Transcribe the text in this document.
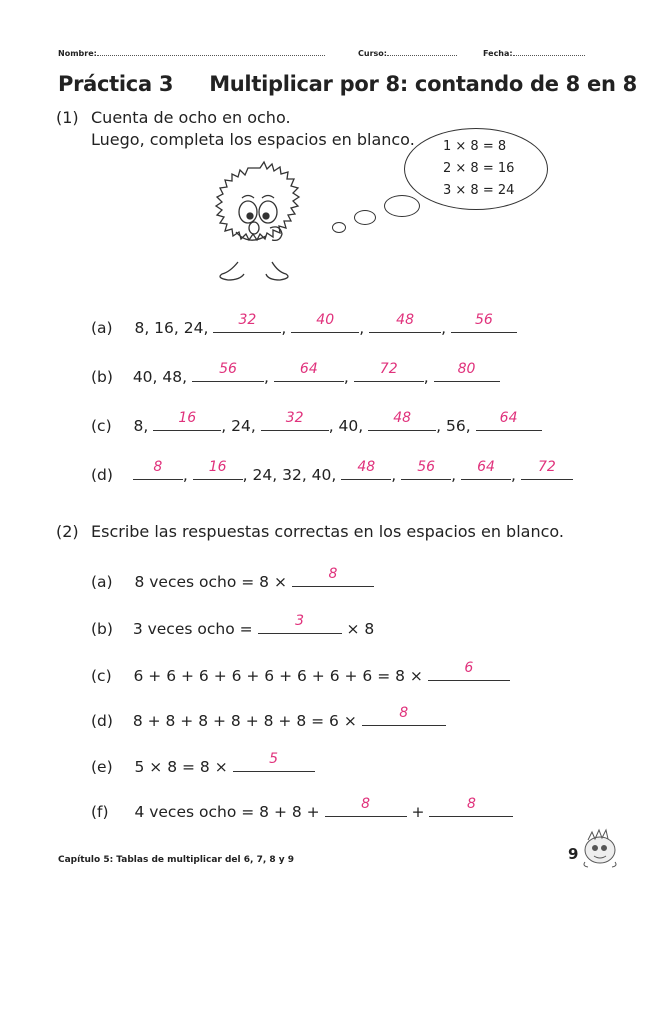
Nombre:	Curso:	Fecha:
Práctica 3 Multiplicar por 8: contando de 8 en 8
(1) Cuenta de ocho en ocho.
Luego, completa los espacios en blanco. 1 × 8 = 8
2 × 8 = 16
3 × 8 = 24
(a) 8, 16, 24,	32	,	40	,	48	,	56
(b) 40, 48,	56	,	64	,	72	,	80
(c) 8,	16	, 24,	32	, 40,	48	, 56,	64
(d)	8	,	16	, 24, 32, 40,	48	,	56	,	64	,	72
(2) Escribe las respuestas correctas en los espacios en blanco.
(a) 8 veces ocho = 8 ×	8
(b) 3 veces ocho =	3	× 8
(c) 6 + 6 + 6 + 6 + 6 + 6 + 6 + 6 = 8 ×	6
(d) 8 + 8 + 8 + 8 + 8 + 8 = 6 ×	8
(e) 5 × 8 = 8 ×	5
(f) 4 veces ocho = 8 + 8 +	8	+	8
Capítulo 5: Tablas de multiplicar del 6, 7, 8 y 9	9
